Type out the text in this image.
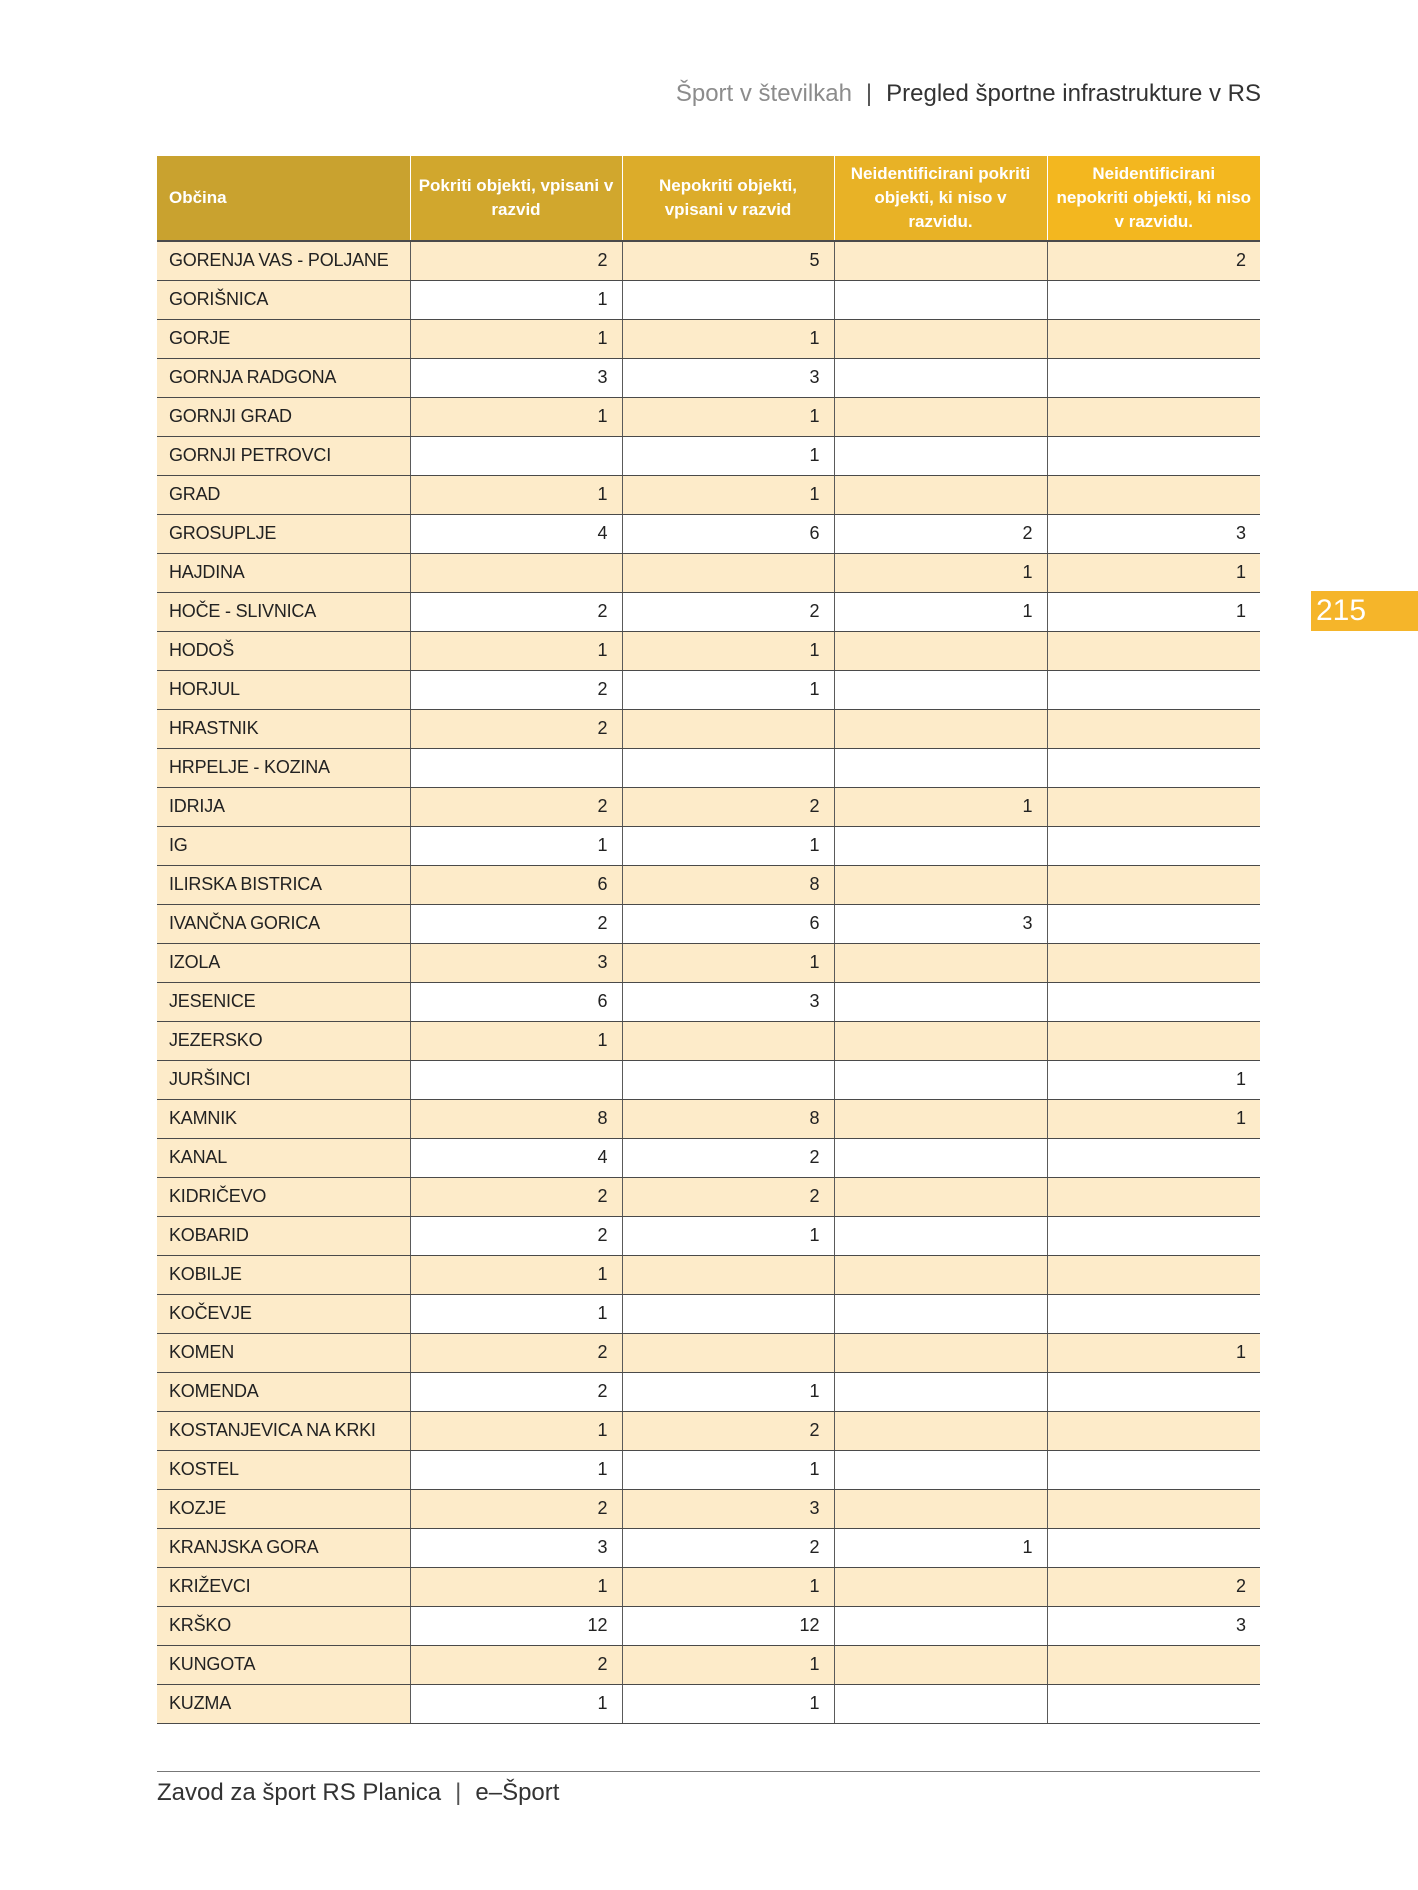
Šport v številkah | Pregled športne infrastrukture v RS
215
Občina	Pokriti objekti, vpisani v razvid	Nepokriti objekti, vpisani v razvid	Neidentificirani pokriti objekti, ki niso v razvidu.	Neidentificirani nepokriti objekti, ki niso v razvidu.
GORENJA VAS - POLJANE	2	5		2
GORIŠNICA	1			
GORJE	1	1		
GORNJA RADGONA	3	3		
GORNJI GRAD	1	1		
GORNJI PETROVCI		1		
GRAD	1	1		
GROSUPLJE	4	6	2	3
HAJDINA			1	1
HOČE - SLIVNICA	2	2	1	1
HODOŠ	1	1		
HORJUL	2	1		
HRASTNIK	2			
HRPELJE - KOZINA				
IDRIJA	2	2	1	
IG	1	1		
ILIRSKA BISTRICA	6	8		
IVANČNA GORICA	2	6	3	
IZOLA	3	1		
JESENICE	6	3		
JEZERSKO	1			
JURŠINCI				1
KAMNIK	8	8		1
KANAL	4	2		
KIDRIČEVO	2	2		
KOBARID	2	1		
KOBILJE	1			
KOČEVJE	1			
KOMEN	2			1
KOMENDA	2	1		
KOSTANJEVICA NA KRKI	1	2		
KOSTEL	1	1		
KOZJE	2	3		
KRANJSKA GORA	3	2	1	
KRIŽEVCI	1	1		2
KRŠKO	12	12		3
KUNGOTA	2	1		
KUZMA	1	1		
Zavod za šport RS Planica | e–Šport
